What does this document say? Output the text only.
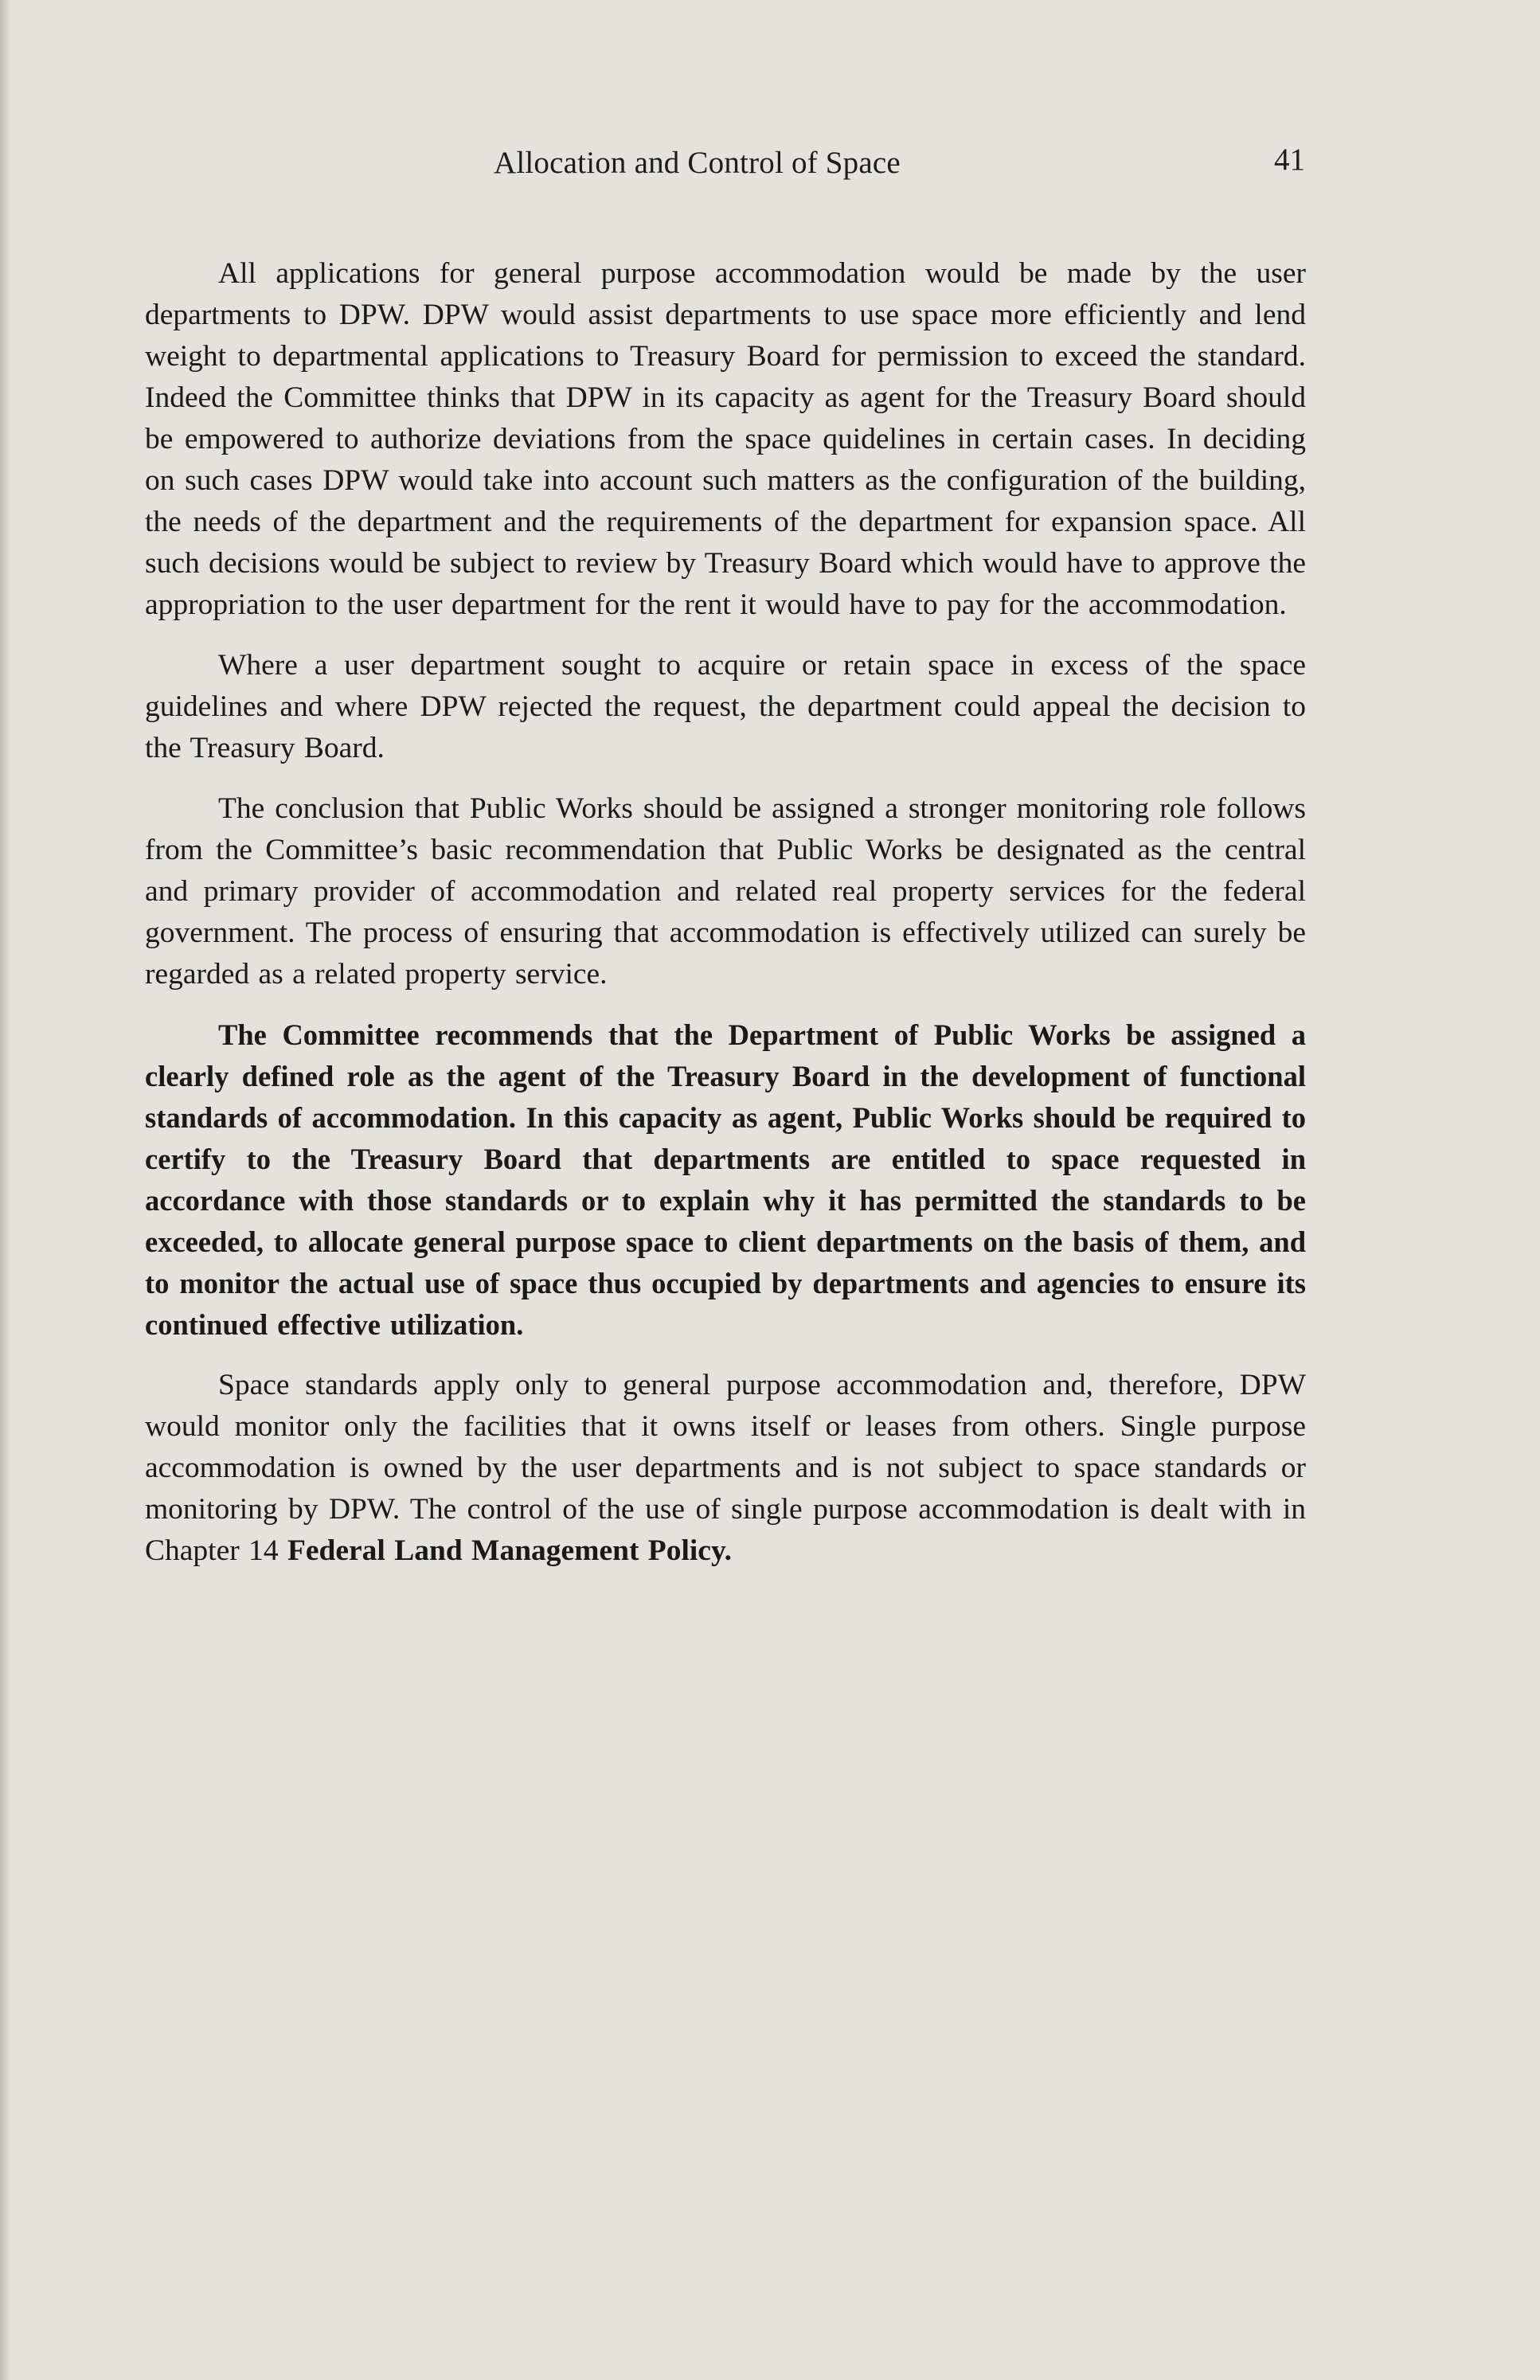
Allocation and Control of Space	41

All applications for general purpose accommodation would be made by the user departments to DPW. DPW would assist departments to use space more efficiently and lend weight to departmental applications to Treasury Board for permission to exceed the standard. Indeed the Committee thinks that DPW in its capacity as agent for the Treasury Board should be empowered to authorize deviations from the space quidelines in certain cases. In deciding on such cases DPW would take into account such matters as the configuration of the building, the needs of the department and the requirements of the department for expansion space. All such decisions would be subject to review by Treasury Board which would have to approve the appropriation to the user department for the rent it would have to pay for the accommodation.

Where a user department sought to acquire or retain space in excess of the space guidelines and where DPW rejected the request, the department could appeal the decision to the Treasury Board.

The conclusion that Public Works should be assigned a stronger monitoring role follows from the Committee’s basic recommendation that Public Works be designated as the central and primary provider of accommodation and related real property services for the federal government. The process of ensuring that accommodation is effectively utilized can surely be regarded as a related property service.

The Committee recommends that the Department of Public Works be assigned a clearly defined role as the agent of the Treasury Board in the development of functional standards of accommodation. In this capacity as agent, Public Works should be required to certify to the Treasury Board that departments are entitled to space requested in accordance with those standards or to explain why it has permitted the standards to be exceeded, to allocate general purpose space to client departments on the basis of them, and to monitor the actual use of space thus occupied by departments and agencies to ensure its continued effective utilization.

Space standards apply only to general purpose accommodation and, therefore, DPW would monitor only the facilities that it owns itself or leases from others. Single purpose accommodation is owned by the user departments and is not subject to space standards or monitoring by DPW. The control of the use of single purpose accommodation is dealt with in Chapter 14 Federal Land Management Policy.
